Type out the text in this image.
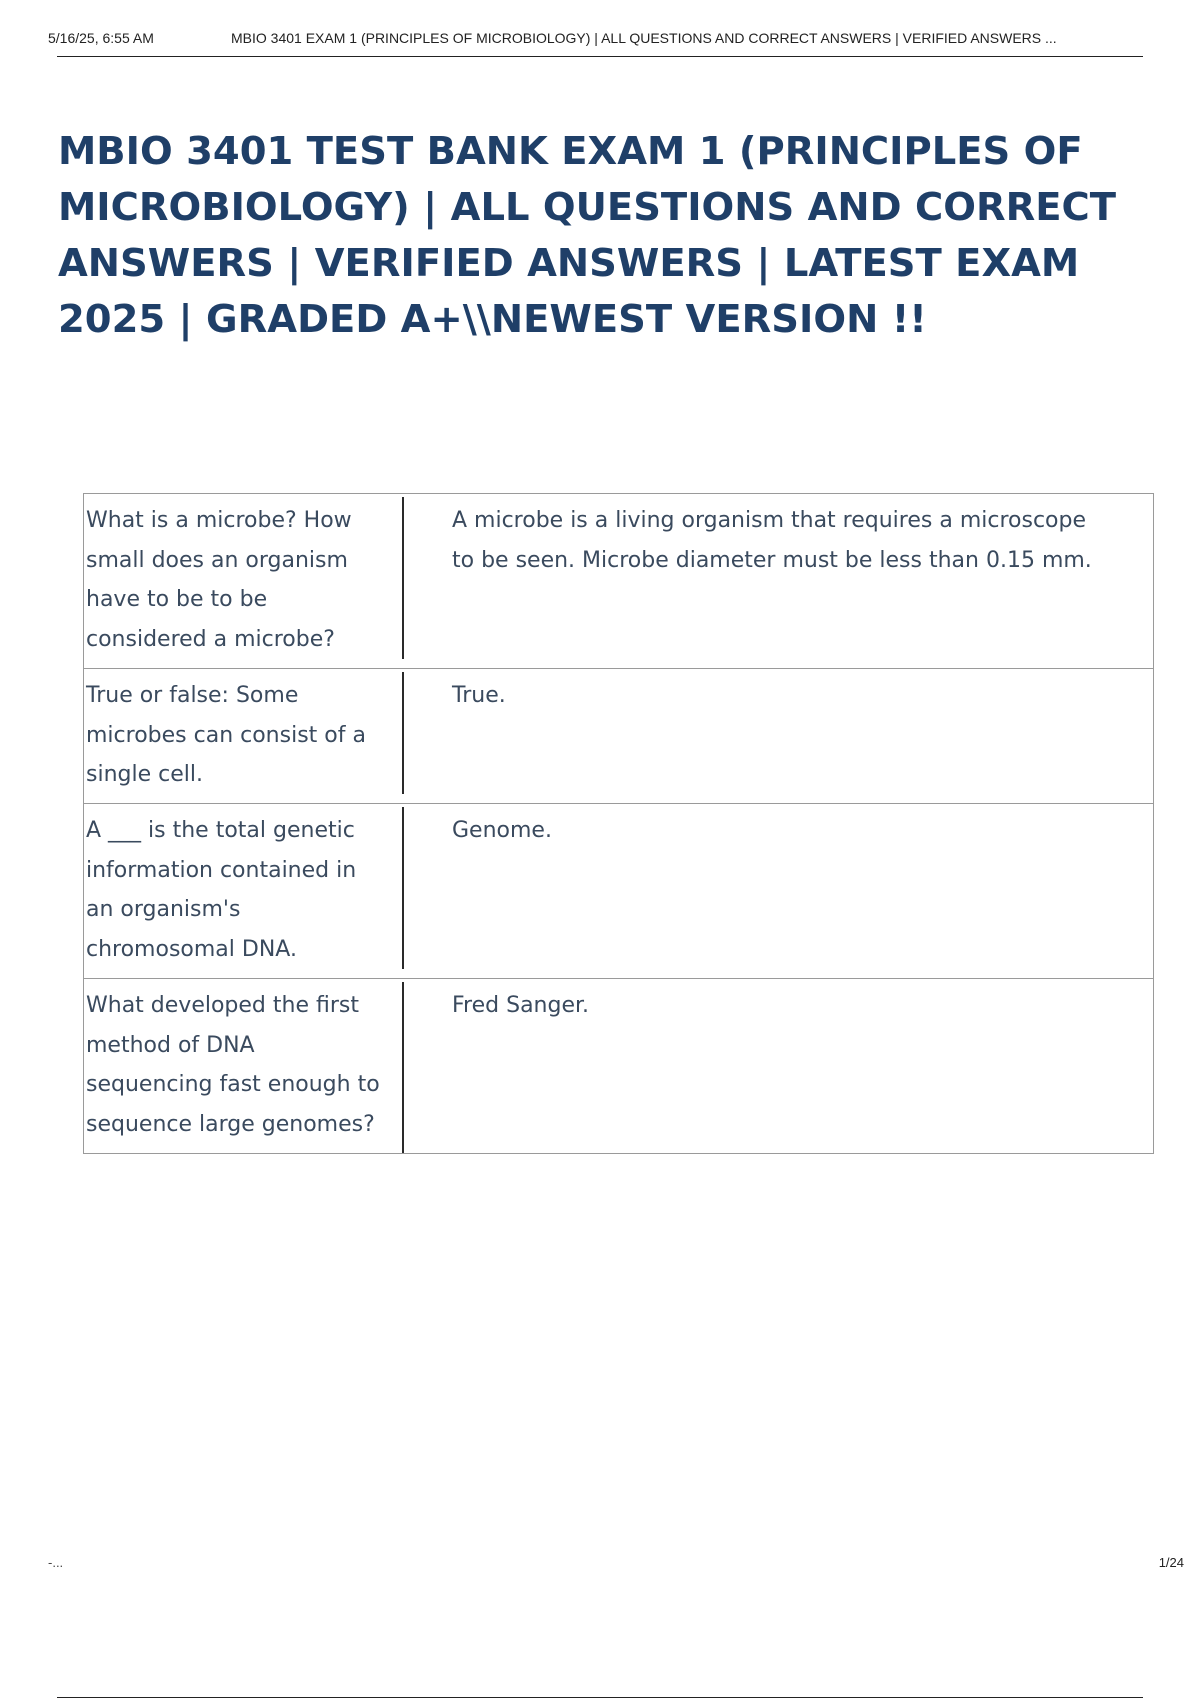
5/16/25, 6:55 AM	MBIO 3401 EXAM 1 (PRINCIPLES OF MICROBIOLOGY) | ALL QUESTIONS AND CORRECT ANSWERS | VERIFIED ANSWERS ...
MBIO 3401 TEST BANK EXAM 1 (PRINCIPLES OF MICROBIOLOGY) | ALL QUESTIONS AND CORRECT ANSWERS | VERIFIED ANSWERS | LATEST EXAM 2025 | GRADED A+\\NEWEST VERSION !!
What is a microbe? How small does an organism have to be to be considered a microbe?	A microbe is a living organism that requires a microscope to be seen. Microbe diameter must be less than 0.15 mm.

True or false: Some microbes can consist of a single cell.	True.

A ___ is the total genetic information contained in an organism's chromosomal DNA.	Genome.

What developed the first method of DNA sequencing fast enough to sequence large genomes?	Fred Sanger.
-...	1/24
